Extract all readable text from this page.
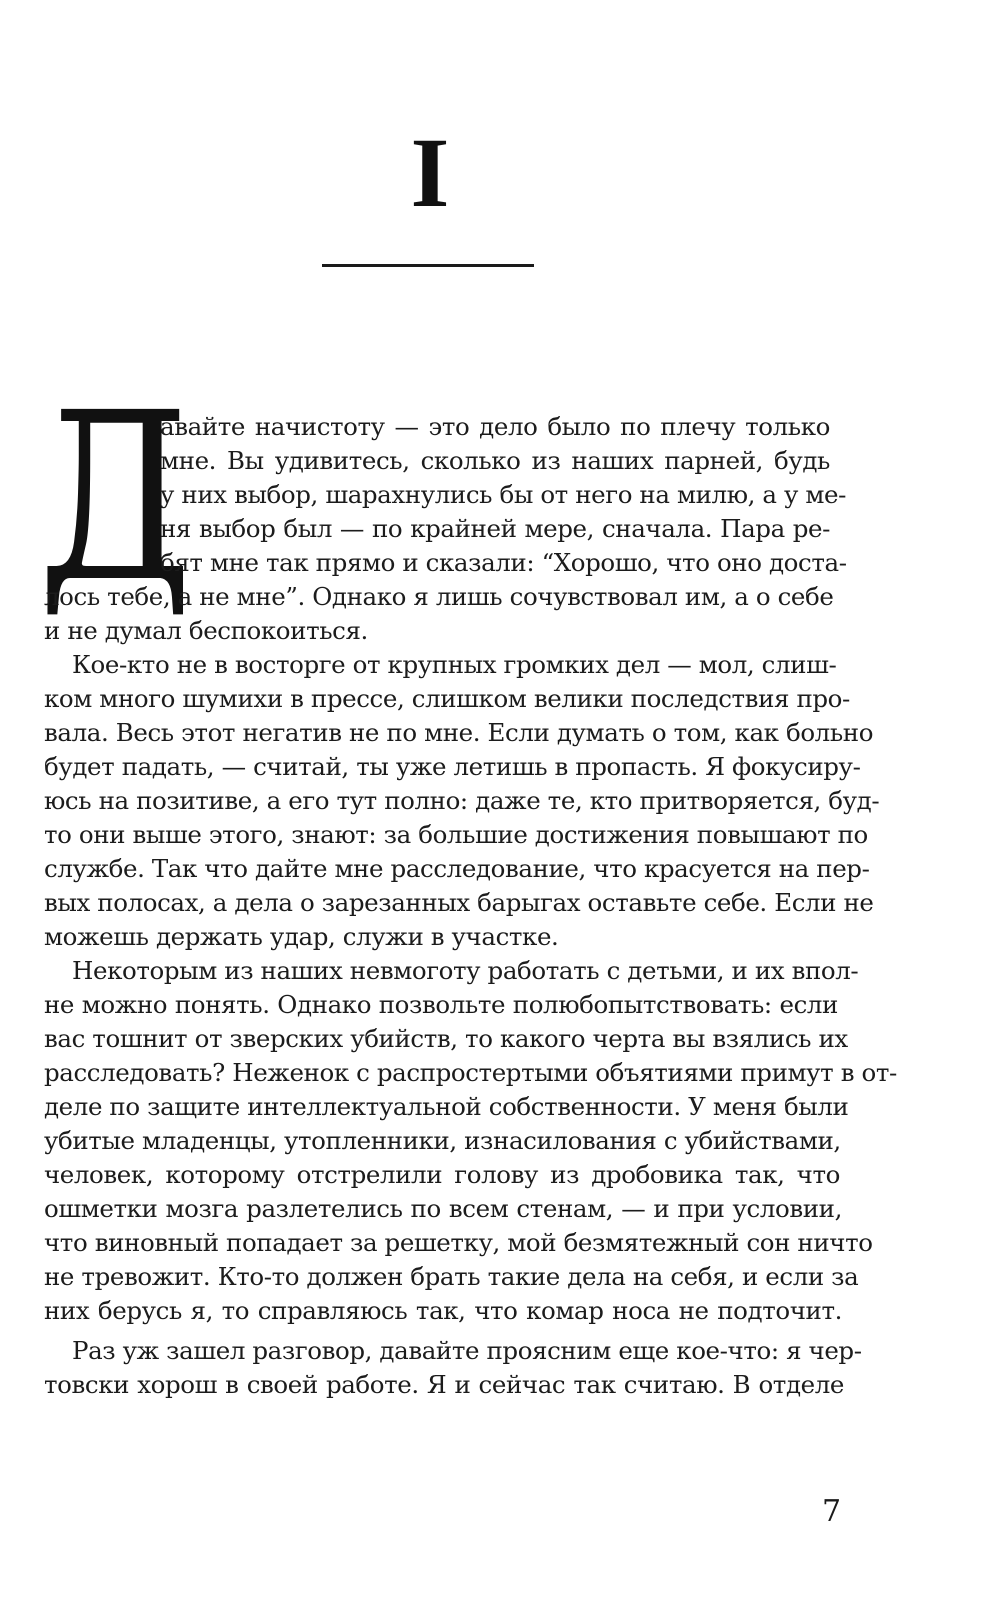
I
Д
авайте начистоту — это дело было по плечу только
мне. Вы удивитесь, сколько из наших парней, будь
у них выбор, шарахнулись бы от него на милю, а у ме-
ня выбор был — по крайней мере, сначала. Пара ре-
бят мне так прямо и сказали: “Хорошо, что оно доста-
лось тебе, а не мне”. Однако я лишь сочувствовал им, а о себе
и не думал беспокоиться.
Кое-кто не в восторге от крупных громких дел — мол, слиш-
ком много шумихи в прессе, слишком велики последствия про-
вала. Весь этот негатив не по мне. Если думать о том, как больно
будет падать, — считай, ты уже летишь в пропасть. Я фокусиру-
юсь на позитиве, а его тут полно: даже те, кто притворяется, буд-
то они выше этого, знают: за большие достижения повышают по
службе. Так что дайте мне расследование, что красуется на пер-
вых полосах, а дела о зарезанных барыгах оставьте себе. Если не
можешь держать удар, служи в участке.
Некоторым из наших невмоготу работать с детьми, и их впол-
не можно понять. Однако позвольте полюбопытствовать: если
вас тошнит от зверских убийств, то какого черта вы взялись их
расследовать? Неженок с распростертыми объятиями примут в от-
деле по защите интеллектуальной собственности. У меня были
убитые младенцы, утопленники, изнасилования с убийствами,
человек, которому отстрелили голову из дробовика так, что
ошметки мозга разлетелись по всем стенам, — и при условии,
что виновный попадает за решетку, мой безмятежный сон ничто
не тревожит. Кто-то должен брать такие дела на себя, и если за
них берусь я, то справляюсь так, что комар носа не подточит.
Раз уж зашел разговор, давайте проясним еще кое-что: я чер-
товски хорош в своей работе. Я и сейчас так считаю. В отделе
7
